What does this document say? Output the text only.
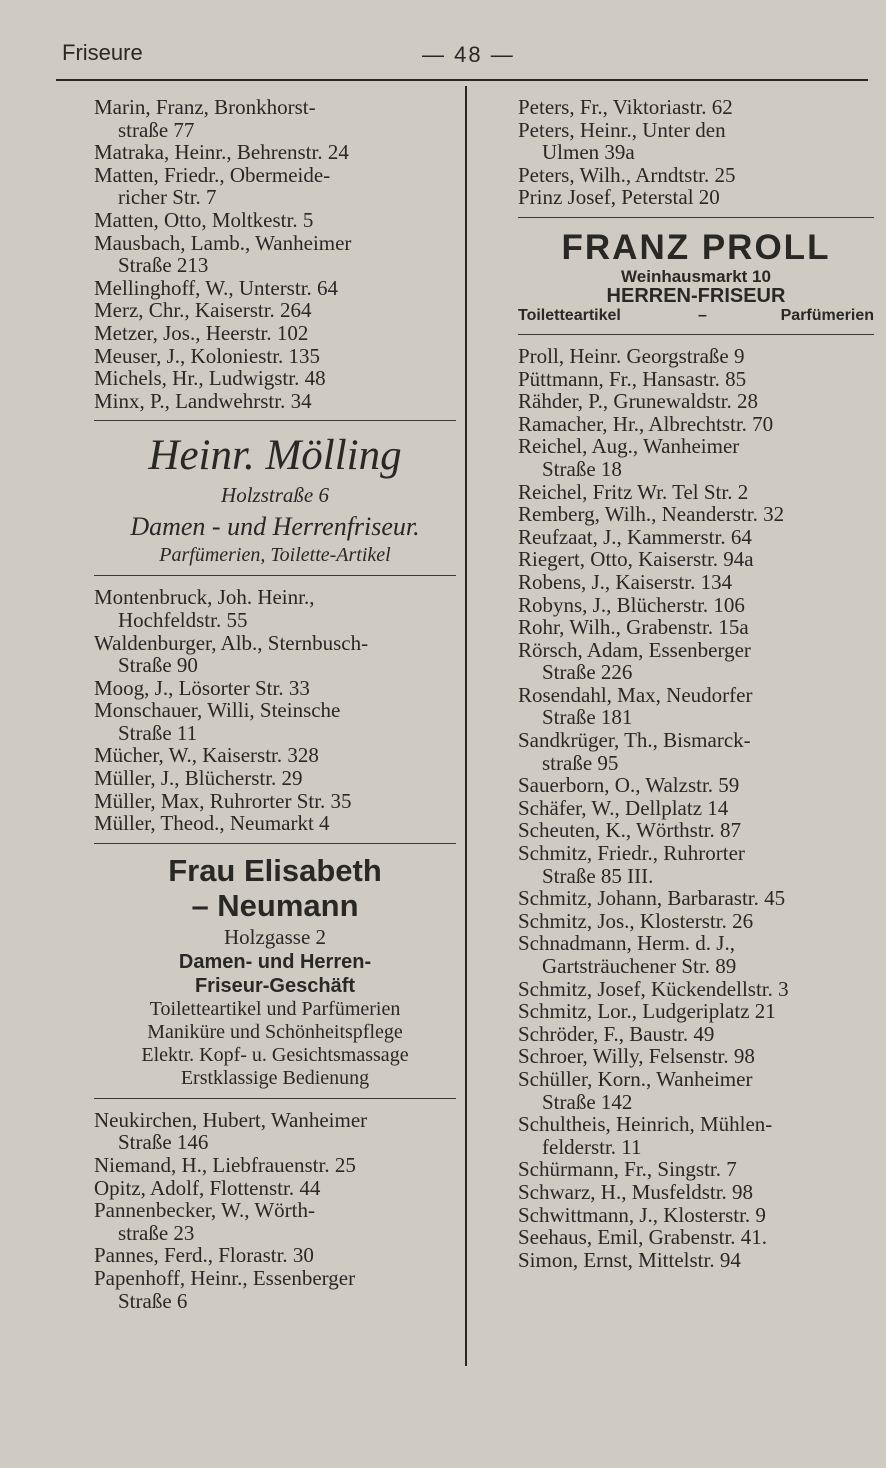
Friseure	— 48 —
Marin, Franz, Bronkhorst-
straße 77
Matraka, Heinr., Behrenstr. 24
Matten, Friedr., Obermeide-
richer Str. 7
Matten, Otto, Moltkestr. 5
Mausbach, Lamb., Wanheimer
Straße 213
Mellinghoff, W., Unterstr. 64
Merz, Chr., Kaiserstr. 264
Metzer, Jos., Heerstr. 102
Meuser, J., Koloniestr. 135
Michels, Hr., Ludwigstr. 48
Minx, P., Landwehrstr. 34
Heinr. Mölling
Holzstraße 6
Damen - und Herrenfriseur.
Parfümerien, Toilette-Artikel
Montenbruck, Joh. Heinr.,
Hochfeldstr. 55
Waldenburger, Alb., Sternbusch-
Straße 90
Moog, J., Lösorter Str. 33
Monschauer, Willi, Steinsche
Straße 11
Mücher, W., Kaiserstr. 328
Müller, J., Blücherstr. 29
Müller, Max, Ruhrorter Str. 35
Müller, Theod., Neumarkt 4
Frau Elisabeth
– Neumann
Holzgasse 2
Damen- und Herren-
Friseur-Geschäft
Toiletteartikel und Parfümerien
Maniküre und Schönheitspflege
Elektr. Kopf- u. Gesichtsmassage
Erstklassige Bedienung
Neukirchen, Hubert, Wanheimer
Straße 146
Niemand, H., Liebfrauenstr. 25
Opitz, Adolf, Flottenstr. 44
Pannenbecker, W., Wörth-
straße 23
Pannes, Ferd., Florastr. 30
Papenhoff, Heinr., Essenberger
Straße 6
Peters, Fr., Viktoriastr. 62
Peters, Heinr., Unter den
Ulmen 39a
Peters, Wilh., Arndtstr. 25
Prinz Josef, Peterstal 20
FRANZ PROLL
Weinhausmarkt 10
HERREN-FRISEUR
Toiletteartikel	–	Parfümerien
Proll, Heinr. Georgstraße 9
Püttmann, Fr., Hansastr. 85
Rähder, P., Grunewaldstr. 28
Ramacher, Hr., Albrechtstr. 70
Reichel, Aug., Wanheimer
Straße 18
Reichel, Fritz Wr. Tel Str. 2
Remberg, Wilh., Neanderstr. 32
Reufzaat, J., Kammerstr. 64
Riegert, Otto, Kaiserstr. 94a
Robens, J., Kaiserstr. 134
Robyns, J., Blücherstr. 106
Rohr, Wilh., Grabenstr. 15a
Rörsch, Adam, Essenberger
Straße 226
Rosendahl, Max, Neudorfer
Straße 181
Sandkrüger, Th., Bismarck-
straße 95
Sauerborn, O., Walzstr. 59
Schäfer, W., Dellplatz 14
Scheuten, K., Wörthstr. 87
Schmitz, Friedr., Ruhrorter
Straße 85 III.
Schmitz, Johann, Barbarastr. 45
Schmitz, Jos., Klosterstr. 26
Schnadmann, Herm. d. J.,
Gartsträuchener Str. 89
Schmitz, Josef, Kückendellstr. 3
Schmitz, Lor., Ludgeriplatz 21
Schröder, F., Baustr. 49
Schroer, Willy, Felsenstr. 98
Schüller, Korn., Wanheimer
Straße 142
Schultheis, Heinrich, Mühlen-
felderstr. 11
Schürmann, Fr., Singstr. 7
Schwarz, H., Musfeldstr. 98
Schwittmann, J., Klosterstr. 9
Seehaus, Emil, Grabenstr. 41.
Simon, Ernst, Mittelstr. 94
